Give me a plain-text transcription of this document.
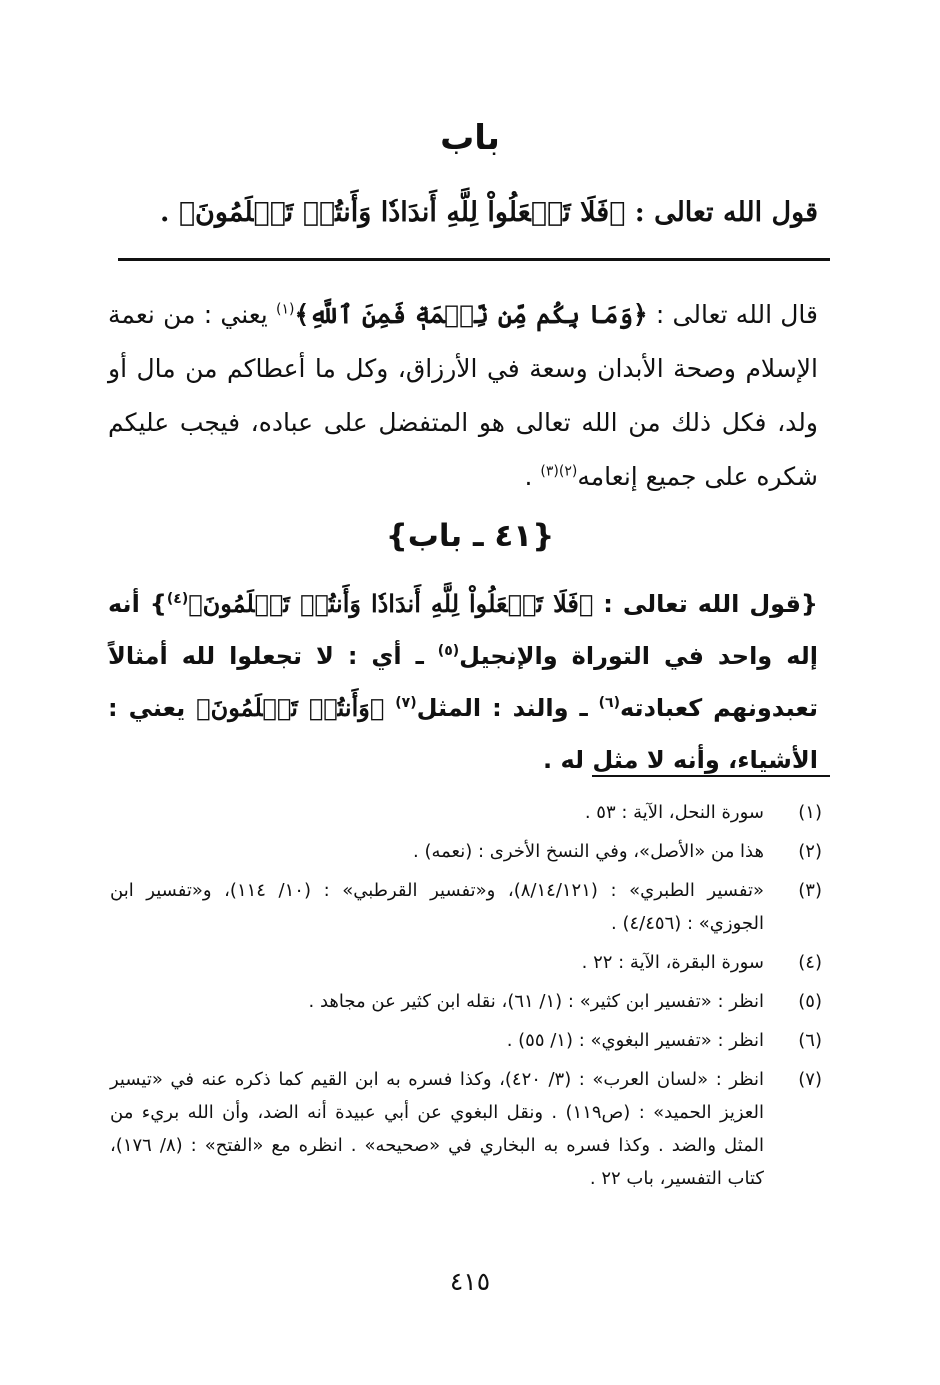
باب
قول الله تعالى : ﴿فَلَا تَجۡعَلُواْ لِلَّهِ أَندَادٗا وَأَنتُمۡ تَعۡلَمُونَ﴾ .
قال الله تعالى : ﴿وَمَا بِكُم مِّن نِّعۡمَةٖ فَمِنَ ٱللَّهِ﴾$^{(١)}$ يعني : من نعمة الإسلام وصحة الأبدان وسعة في الأرزاق، وكل ما أعطاكم من مال أو ولد، فكل ذلك من الله تعالى هو المتفضل على عباده، فيجب عليكم شكره على جميع إنعامه$^{(٢)(٣)}$ .
{٤١ ـ باب}
{قول الله تعالى : ﴿فَلَا تَجۡعَلُواْ لِلَّهِ أَندَادٗا وَأَنتُمۡ تَعۡلَمُونَ﴾$^{(٤)}$} أنه إله واحد في التوراة والإنجيل$^{(٥)}$ ـ أي : لا تجعلوا لله أمثالاً تعبدونهم كعبادته$^{(٦)}$ ـ والند : المثل$^{(٧)}$ ﴿وَأَنتُمۡ تَعۡلَمُونَ﴾ يعني : الأشياء، وأنه لا مثل له .
(١)
سورة النحل، الآية : ٥٣ .
(٢)
هذا من «الأصل»، وفي النسخ الأخرى : (نعمه) .
(٣)
«تفسير الطبري» : (٨/١٤/١٢١)، و«تفسير القرطبي» : (١٠/ ١١٤)، و«تفسير ابن الجوزي» : (٤/٤٥٦) .
(٤)
سورة البقرة، الآية : ٢٢ .
(٥)
انظر : «تفسير ابن كثير» : (١/ ٦١)، نقله ابن كثير عن مجاهد .
(٦)
انظر : «تفسير البغوي» : (١/ ٥٥) .
(٧)
انظر : «لسان العرب» : (٣/ ٤٢٠)، وكذا فسره به ابن القيم كما ذكره عنه في «تيسير العزيز الحميد» : (ص١١٩) . ونقل البغوي عن أبي عبيدة أنه الضد، وأن الله بريء من المثل والضد . وكذا فسره به البخاري في «صحيحه» . انظره مع «الفتح» : (٨/ ١٧٦)، كتاب التفسير، باب ٢٢ .
٤١٥
